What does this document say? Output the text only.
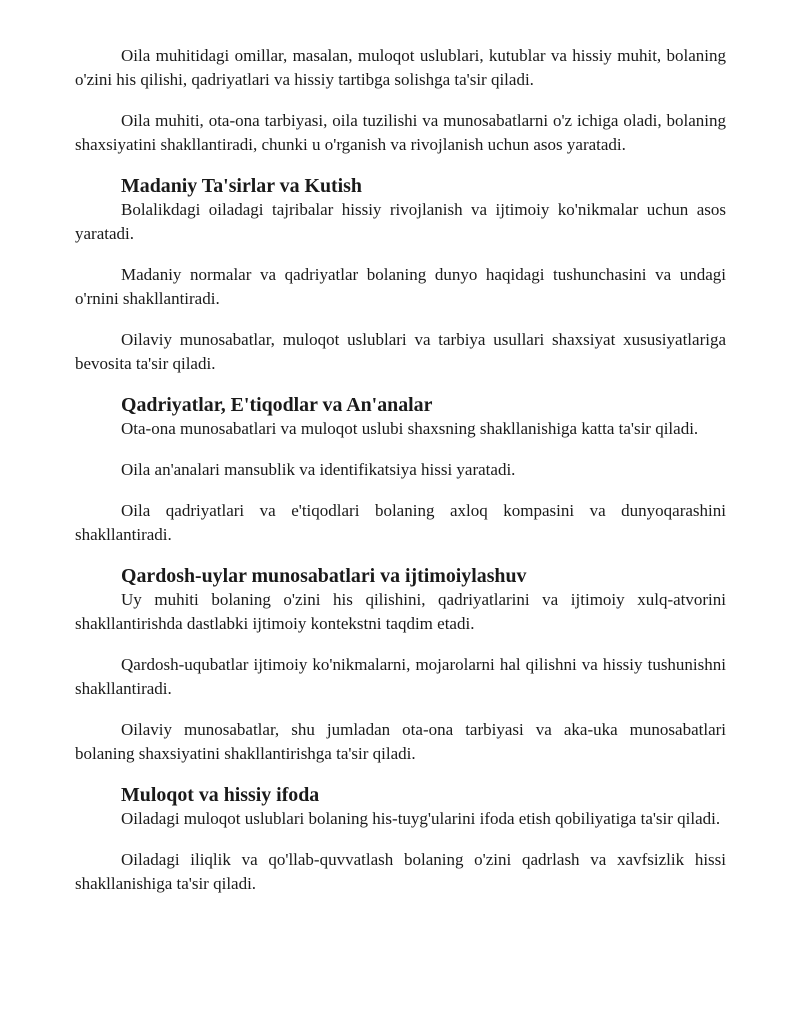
Oila muhitidagi omillar, masalan, muloqot uslublari, kutublar va hissiy muhit, bolaning o'zini his qilishi, qadriyatlari va hissiy tartibga solishga ta'sir qiladi.

Oila muhiti, ota-ona tarbiyasi, oila tuzilishi va munosabatlarni o'z ichiga oladi, bolaning shaxsiyatini shakllantiradi, chunki u o'rganish va rivojlanish uchun asos yaratadi.

Madaniy Ta'sirlar va Kutish

Bolalikdagi oiladagi tajribalar hissiy rivojlanish va ijtimoiy ko'nikmalar uchun asos yaratadi.

Madaniy normalar va qadriyatlar bolaning dunyo haqidagi tushunchasini va undagi o'rnini shakllantiradi.

Oilaviy munosabatlar, muloqot uslublari va tarbiya usullari shaxsiyat xususiyatlariga bevosita ta'sir qiladi.

Qadriyatlar, E'tiqodlar va An'analar

Ota-ona munosabatlari va muloqot uslubi shaxsning shakllanishiga katta ta'sir qiladi.

Oila an'analari mansublik va identifikatsiya hissi yaratadi.

Oila qadriyatlari va e'tiqodlari bolaning axloq kompasini va dunyoqarashini shakllantiradi.

Qardosh-uylar munosabatlari va ijtimoiylashuv

Uy muhiti bolaning o'zini his qilishini, qadriyatlarini va ijtimoiy xulq-atvorini shakllantirishda dastlabki ijtimoiy kontekstni taqdim etadi.

Qardosh-uqubatlar ijtimoiy ko'nikmalarni, mojarolarni hal qilishni va hissiy tushunishni shakllantiradi.

Oilaviy munosabatlar, shu jumladan ota-ona tarbiyasi va aka-uka munosabatlari bolaning shaxsiyatini shakllantirishga ta'sir qiladi.

Muloqot va hissiy ifoda

Oiladagi muloqot uslublari bolaning his-tuyg'ularini ifoda etish qobiliyatiga ta'sir qiladi.

Oiladagi iliqlik va qo'llab-quvvatlash bolaning o'zini qadrlash va xavfsizlik hissi shakllanishiga ta'sir qiladi.
